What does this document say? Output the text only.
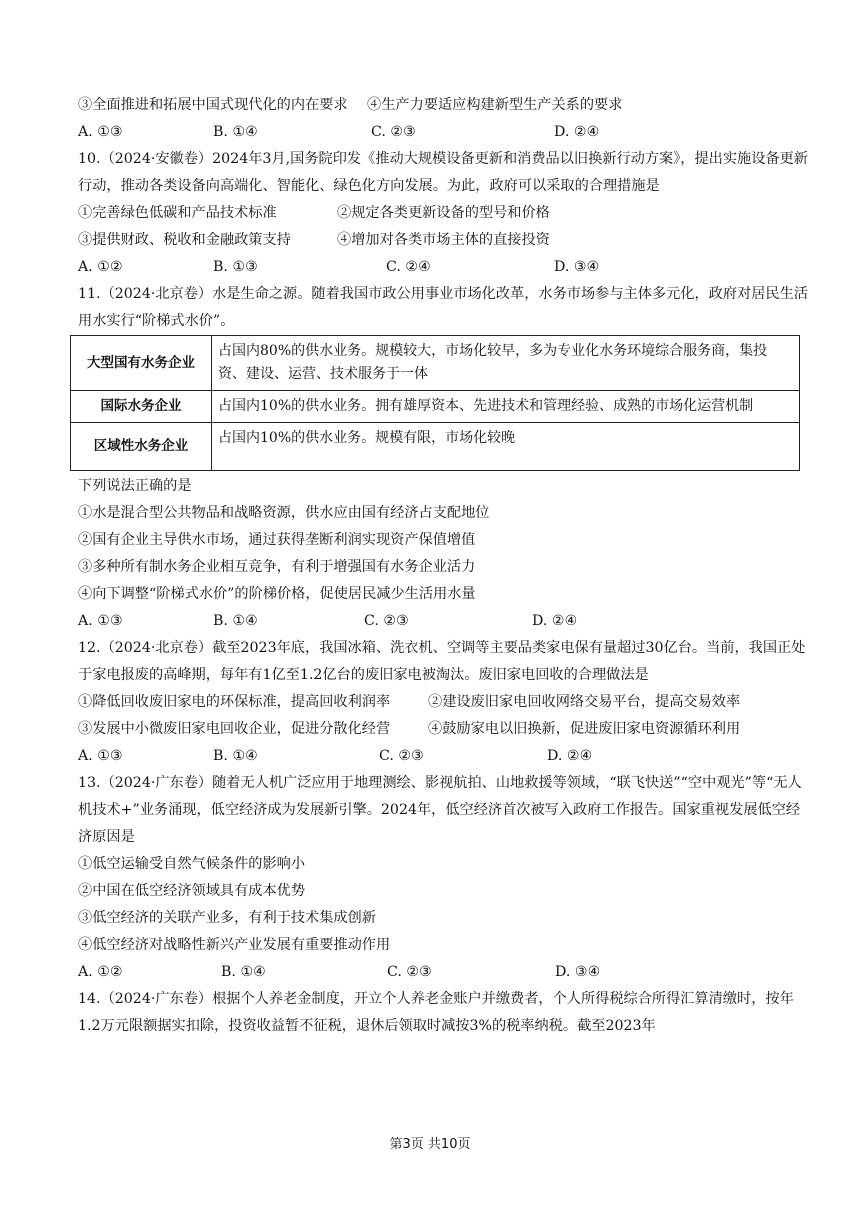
③全面推进和拓展中国式现代化的内在要求	④生产力要适应构建新型生产关系的要求
A. ①③	B. ①④	C. ②③	D. ②④
10.（2024·安徽卷）2024年3月,国务院印发《推动大规模设备更新和消费品以旧换新行动方案》，提出实施设备更新行动，推动各类设备向高端化、智能化、绿色化方向发展。为此，政府可以采取的合理措施是
①完善绿色低碳和产品技术标准	②规定各类更新设备的型号和价格
③提供财政、税收和金融政策支持	④增加对各类市场主体的直接投资
A. ①②	B. ①③	C. ②④	D. ③④
11.（2024·北京卷）水是生命之源。随着我国市政公用事业市场化改革，水务市场参与主体多元化，政府对居民生活用水实行“阶梯式水价”。
大型国有水务企业	占国内80%的供水业务。规模较大，市场化较早，多为专业化水务环境综合服务商，集投资、建设、运营、技术服务于一体
国际水务企业	占国内10%的供水业务。拥有雄厚资本、先进技术和管理经验、成熟的市场化运营机制
区域性水务企业	占国内10%的供水业务。规模有限，市场化较晚
下列说法正确的是
①水是混合型公共物品和战略资源，供水应由国有经济占支配地位
②国有企业主导供水市场，通过获得垄断利润实现资产保值增值
③多种所有制水务企业相互竞争，有利于增强国有水务企业活力
④向下调整“阶梯式水价”的阶梯价格，促使居民减少生活用水量
A. ①③	B. ①④	C. ②③	D. ②④
12.（2024·北京卷）截至2023年底，我国冰箱、洗衣机、空调等主要品类家电保有量超过30亿台。当前，我国正处于家电报废的高峰期，每年有1亿至1.2亿台的废旧家电被淘汰。废旧家电回收的合理做法是
①降低回收废旧家电的环保标准，提高回收利润率	②建设废旧家电回收网络交易平台，提高交易效率
③发展中小微废旧家电回收企业，促进分散化经营	④鼓励家电以旧换新，促进废旧家电资源循环利用
A. ①③	B. ①④	C. ②③	D. ②④
13.（2024·广东卷）随着无人机广泛应用于地理测绘、影视航拍、山地救援等领域，“联飞快送”“空中观光”等“无人机技术+”业务涌现，低空经济成为发展新引擎。2024年，低空经济首次被写入政府工作报告。国家重视发展低空经济原因是
①低空运输受自然气候条件的影响小
②中国在低空经济领域具有成本优势
③低空经济的关联产业多，有利于技术集成创新
④低空经济对战略性新兴产业发展有重要推动作用
A. ①②	B. ①④	C. ②③	D. ③④
14.（2024·广东卷）根据个人养老金制度，开立个人养老金账户并缴费者，个人所得税综合所得汇算清缴时，按年1.2万元限额据实扣除，投资收益暂不征税，退休后领取时减按3%的税率纳税。截至2023年
第3页 共10页
